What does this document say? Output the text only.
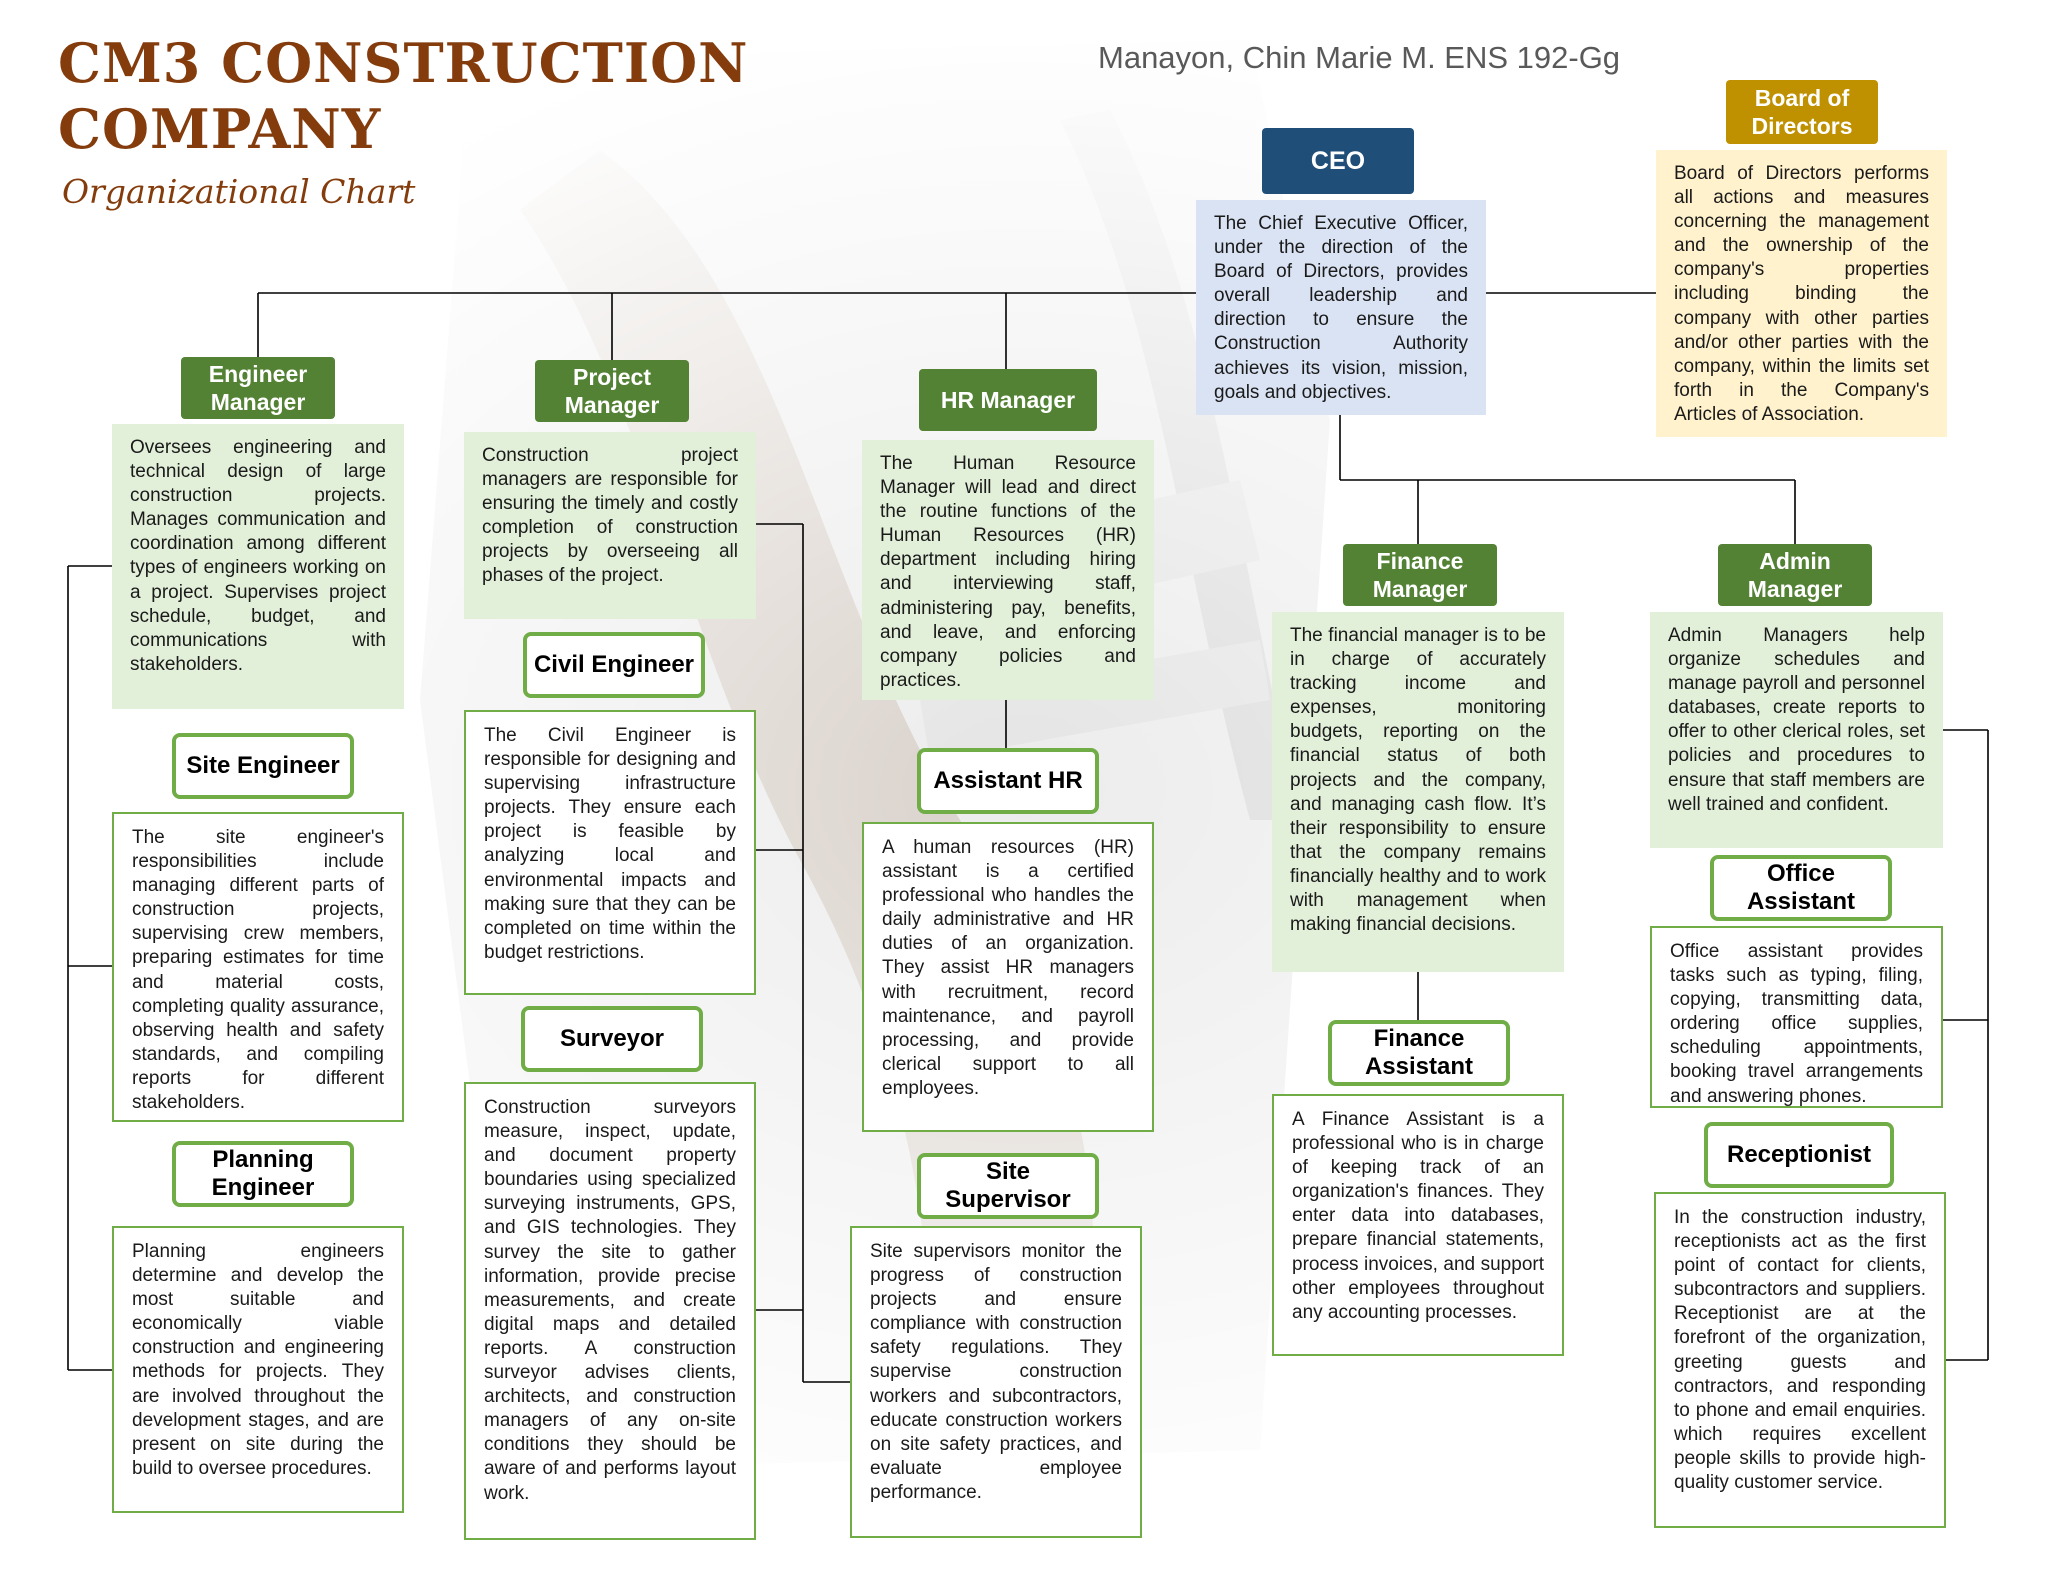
CM3 CONSTRUCTION COMPANY
Organizational Chart
Manayon, Chin Marie M. ENS 192-Gg
CEO
The Chief Executive Officer, under the direction of the Board of Directors, provides overall leadership and direction to ensure the Construction Authority achieves its vision, mission, goals and objectives.
Board of Directors
Board of Directors performs all actions and measures concerning the management and the ownership of the company's properties including binding the company with other parties and/or other parties with the company, within the limits set forth in the Company's Articles of Association.
Engineer Manager
Oversees engineering and technical design of large construction projects. Manages communication and coordination among different types of engineers working on a project. Supervises project schedule, budget, and communications with stakeholders.
Site Engineer
The site engineer's responsibilities include managing different parts of construction projects, supervising crew members, preparing estimates for time and material costs, completing quality assurance, observing health and safety standards, and compiling reports for different stakeholders.
Planning Engineer
Planning engineers determine and develop the most suitable and economically viable construction and engineering methods for projects. They are involved throughout the development stages, and are present on site during the build to oversee procedures.
Project Manager
Construction project managers are responsible for ensuring the timely and costly completion of construction projects by overseeing all phases of the project.
Civil Engineer
The Civil Engineer is responsible for designing and supervising infrastructure projects. They ensure each project is feasible by analyzing local and environmental impacts and making sure that they can be completed on time within the budget restrictions.
Surveyor
Construction surveyors measure, inspect, update, and document property boundaries using specialized surveying instruments, GPS, and GIS technologies. They survey the site to gather information, provide precise measurements, and create digital maps and detailed reports. A construction surveyor advises clients, architects, and construction managers of any on-site conditions they should be aware of and performs layout work.
HR Manager
The Human Resource Manager will lead and direct the routine functions of the Human Resources (HR) department including hiring and interviewing staff, administering pay, benefits, and leave, and enforcing company policies and practices.
Assistant HR
A human resources (HR) assistant is a certified professional who handles the daily administrative and HR duties of an organization. They assist HR managers with recruitment, record maintenance, and payroll processing, and provide clerical support to all employees.
Site Supervisor
Site supervisors monitor the progress of construction projects and ensure compliance with construction safety regulations. They supervise construction workers and subcontractors, educate construction workers on site safety practices, and evaluate employee performance.
Finance Manager
The financial manager is to be in charge of accurately tracking income and expenses, monitoring budgets, reporting on the financial status of both projects and the company, and managing cash flow. It’s their responsibility to ensure that the company remains financially healthy and to work with management when making financial decisions.
Finance Assistant
A Finance Assistant is a professional who is in charge of keeping track of an organization's finances. They enter data into databases, prepare financial statements, process invoices, and support other employees throughout any accounting processes.
Admin Manager
Admin Managers help organize schedules and manage payroll and personnel databases, create reports to offer to other clerical roles, set policies and procedures to ensure that staff members are well trained and confident.
Office Assistant
Office assistant provides tasks such as typing, filing, copying, transmitting data, ordering office supplies, scheduling appointments, booking travel arrangements and answering phones.
Receptionist
In the construction industry, receptionists act as the first point of contact for clients, subcontractors and suppliers. Receptionist are at the forefront of the organization, greeting guests and contractors, and responding to phone and email enquiries. which requires excellent people skills to provide high-quality customer service.
